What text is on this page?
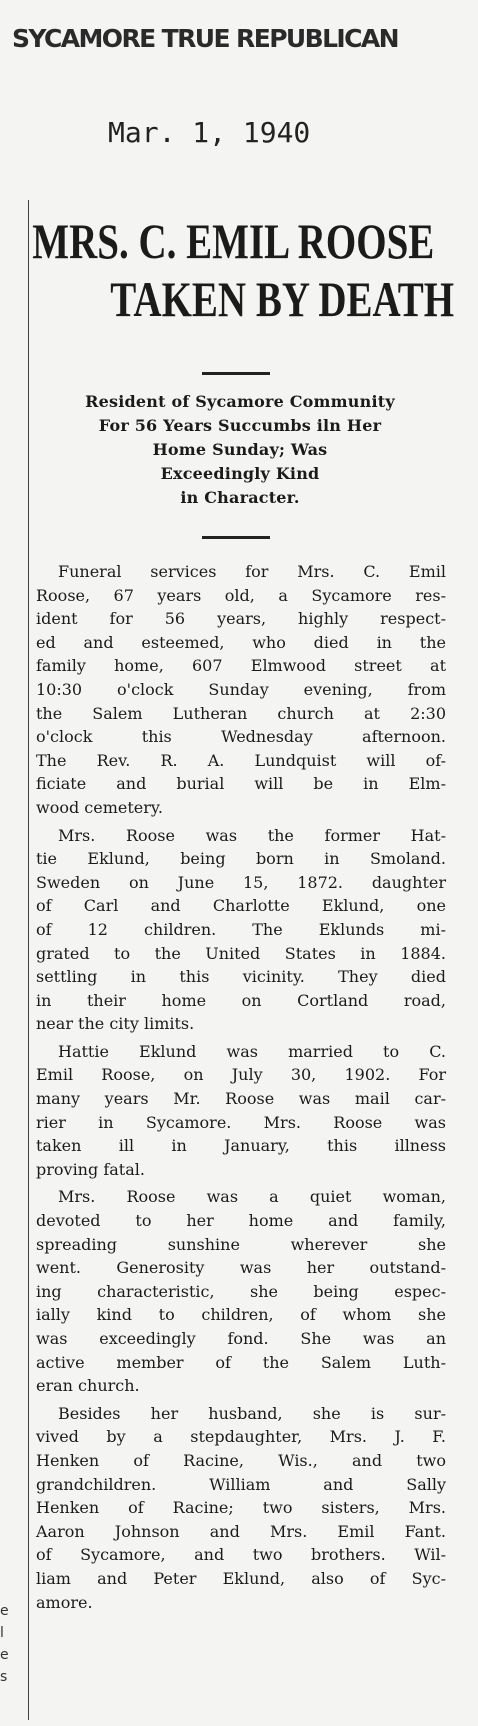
SYCAMORE TRUE REPUBLICAN
Mar. 1, 1940
MRS. C. EMIL ROOSE
TAKEN BY DEATH
Resident of Sycamore Community
For 56 Years Succumbs iln Her
Home Sunday; Was
Exceedingly Kind
in Character.
Funeral services for Mrs. C. Emil
Roose, 67 years old, a Sycamore res-
ident for 56 years, highly respect-
ed and esteemed, who died in the
family home, 607 Elmwood street at
10:30 o'clock Sunday evening, from
the Salem Lutheran church at 2:30
o'clock this Wednesday afternoon.
The Rev. R. A. Lundquist will of-
ficiate and burial will be in Elm-
wood cemetery.
Mrs. Roose was the former Hat-
tie Eklund, being born in Smoland.
Sweden on June 15, 1872. daughter
of Carl and Charlotte Eklund, one
of 12 children. The Eklunds mi-
grated to the United States in 1884.
settling in this vicinity. They died
in their home on Cortland road,
near the city limits.
Hattie Eklund was married to C.
Emil Roose, on July 30, 1902. For
many years Mr. Roose was mail car-
rier in Sycamore. Mrs. Roose was
taken ill in January, this illness
proving fatal.
Mrs. Roose was a quiet woman,
devoted to her home and family,
spreading sunshine wherever she
went. Generosity was her outstand-
ing characteristic, she being espec-
ially kind to children, of whom she
was exceedingly fond. She was an
active member of the Salem Luth-
eran church.
Besides her husband, she is sur-
vived by a stepdaughter, Mrs. J. F.
Henken of Racine, Wis., and two
grandchildren. William and Sally
Henken of Racine; two sisters, Mrs.
Aaron Johnson and Mrs. Emil Fant.
of Sycamore, and two brothers. Wil-
liam and Peter Eklund, also of Syc-
amore.
e
l
e
s
